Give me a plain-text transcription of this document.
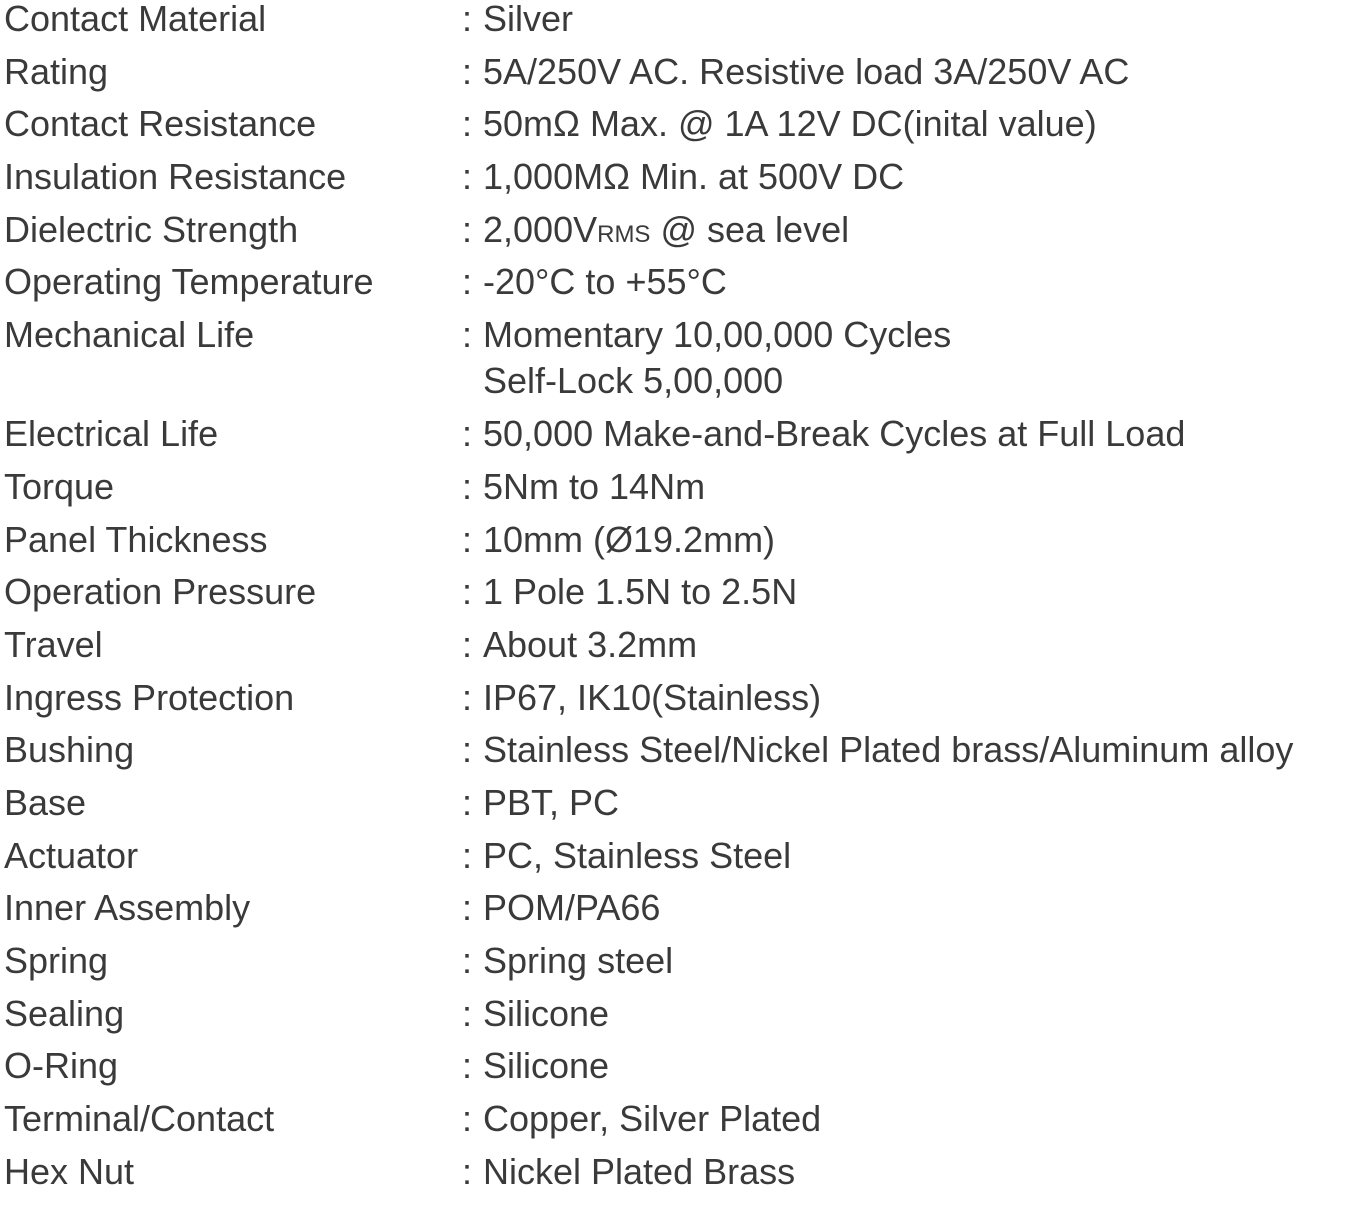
Contact Material	: Silver
Rating	: 5A/250V AC. Resistive load 3A/250V AC
Contact Resistance	: 50mΩ Max. @ 1A 12V DC(inital value)
Insulation Resistance	: 1,000MΩ Min. at 500V DC
Dielectric Strength	: 2,000VRMS @ sea level
Operating Temperature	: -20°C to +55°C
Mechanical Life	: Momentary 10,00,000 Cycles
Self-Lock 5,00,000
Electrical Life	: 50,000 Make-and-Break Cycles at Full Load
Torque	: 5Nm to 14Nm
Panel Thickness	: 10mm (Ø19.2mm)
Operation Pressure	: 1 Pole 1.5N to 2.5N
Travel	: About 3.2mm
Ingress Protection	: IP67, IK10(Stainless)
Bushing	: Stainless Steel/Nickel Plated brass/Aluminum alloy
Base	: PBT, PC
Actuator	: PC, Stainless Steel
Inner Assembly	: POM/PA66
Spring	: Spring steel
Sealing	: Silicone
O-Ring	: Silicone
Terminal/Contact	: Copper, Silver Plated
Hex Nut	: Nickel Plated Brass
